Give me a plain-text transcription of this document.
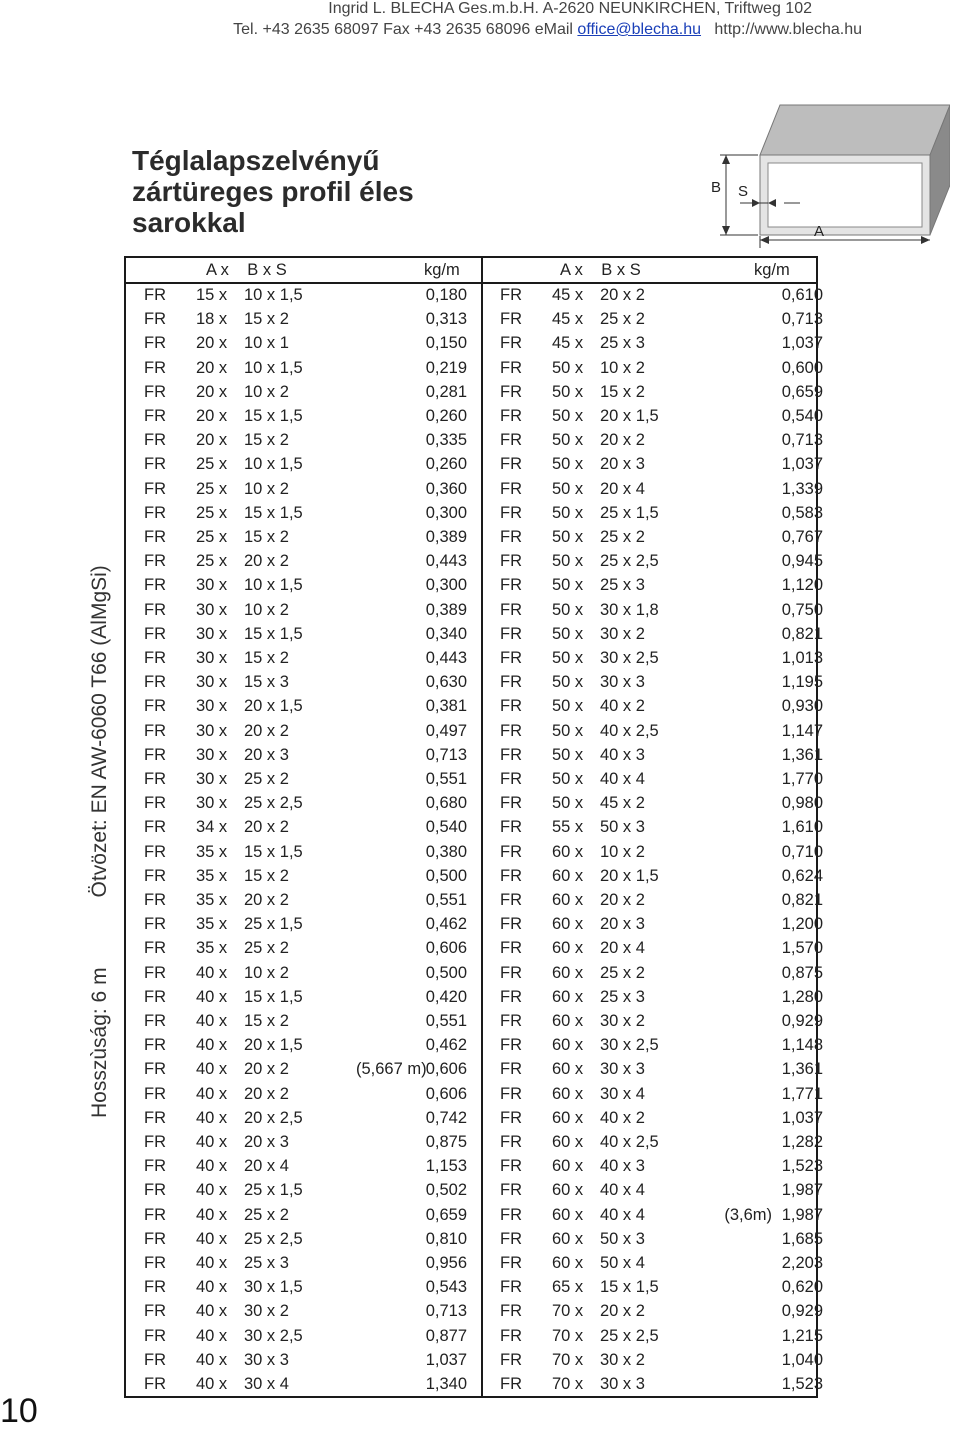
Ingrid L. BLECHA Ges.m.b.H. A-2620 NEUNKIRCHEN, Triftweg 102
Tel. +43 2635 68097 Fax +43 2635 68096 eMail office@blecha.hu http://www.blecha.hu
Téglalapszelvényű zártüreges profil éles sarokkal
Hosszùság: 6 mÖtvözet: EN AW-6060 T66 (AlMgSi)
10
B
A
S
A x    B x S	kg/m	A x    B x S	kg/m
FR 15 x 10 x 1,5	0,180
FR 18 x 15 x 2	0,313
FR 20 x 10 x 1	0,150
FR 20 x 10 x 1,5	0,219
FR 20 x 10 x 2	0,281
FR 20 x 15 x 1,5	0,260
FR 20 x 15 x 2	0,335
FR 25 x 10 x 1,5	0,260
FR 25 x 10 x 2	0,360
FR 25 x 15 x 1,5	0,300
FR 25 x 15 x 2	0,389
FR 25 x 20 x 2	0,443
FR 30 x 10 x 1,5	0,300
FR 30 x 10 x 2	0,389
FR 30 x 15 x 1,5	0,340
FR 30 x 15 x 2	0,443
FR 30 x 15 x 3	0,630
FR 30 x 20 x 1,5	0,381
FR 30 x 20 x 2	0,497
FR 30 x 20 x 3	0,713
FR 30 x 25 x 2	0,551
FR 30 x 25 x 2,5	0,680
FR 34 x 20 x 2	0,540
FR 35 x 15 x 1,5	0,380
FR 35 x 15 x 2	0,500
FR 35 x 20 x 2	0,551
FR 35 x 25 x 1,5	0,462
FR 35 x 25 x 2	0,606
FR 40 x 10 x 2	0,500
FR 40 x 15 x 1,5	0,420
FR 40 x 15 x 2	0,551
FR 40 x 20 x 1,5	0,462
FR 40 x 20 x 2	(5,667 m) 0,606
FR 40 x 20 x 2	0,606
FR 40 x 20 x 2,5	0,742
FR 40 x 20 x 3	0,875
FR 40 x 20 x 4	1,153
FR 40 x 25 x 1,5	0,502
FR 40 x 25 x 2	0,659
FR 40 x 25 x 2,5	0,810
FR 40 x 25 x 3	0,956
FR 40 x 30 x 1,5	0,543
FR 40 x 30 x 2	0,713
FR 40 x 30 x 2,5	0,877
FR 40 x 30 x 3	1,037
FR 40 x 30 x 4	1,340
FR 45 x 20 x 2	0,610
FR 45 x 25 x 2	0,713
FR 45 x 25 x 3	1,037
FR 50 x 10 x 2	0,600
FR 50 x 15 x 2	0,659
FR 50 x 20 x 1,5	0,540
FR 50 x 20 x 2	0,713
FR 50 x 20 x 3	1,037
FR 50 x 20 x 4	1,339
FR 50 x 25 x 1,5	0,583
FR 50 x 25 x 2	0,767
FR 50 x 25 x 2,5	0,945
FR 50 x 25 x 3	1,120
FR 50 x 30 x 1,8	0,750
FR 50 x 30 x 2	0,821
FR 50 x 30 x 2,5	1,013
FR 50 x 30 x 3	1,195
FR 50 x 40 x 2	0,930
FR 50 x 40 x 2,5	1,147
FR 50 x 40 x 3	1,361
FR 50 x 40 x 4	1,770
FR 50 x 45 x 2	0,980
FR 55 x 50 x 3	1,610
FR 60 x 10 x 2	0,710
FR 60 x 20 x 1,5	0,624
FR 60 x 20 x 2	0,821
FR 60 x 20 x 3	1,200
FR 60 x 20 x 4	1,570
FR 60 x 25 x 2	0,875
FR 60 x 25 x 3	1,280
FR 60 x 30 x 2	0,929
FR 60 x 30 x 2,5	1,148
FR 60 x 30 x 3	1,361
FR 60 x 30 x 4	1,771
FR 60 x 40 x 2	1,037
FR 60 x 40 x 2,5	1,282
FR 60 x 40 x 3	1,523
FR 60 x 40 x 4	1,987
FR 60 x 40 x 4	(3,6m) 1,987
FR 60 x 50 x 3	1,685
FR 60 x 50 x 4	2,203
FR 65 x 15 x 1,5	0,620
FR 70 x 20 x 2	0,929
FR 70 x 25 x 2,5	1,215
FR 70 x 30 x 2	1,040
FR 70 x 30 x 3	1,523
